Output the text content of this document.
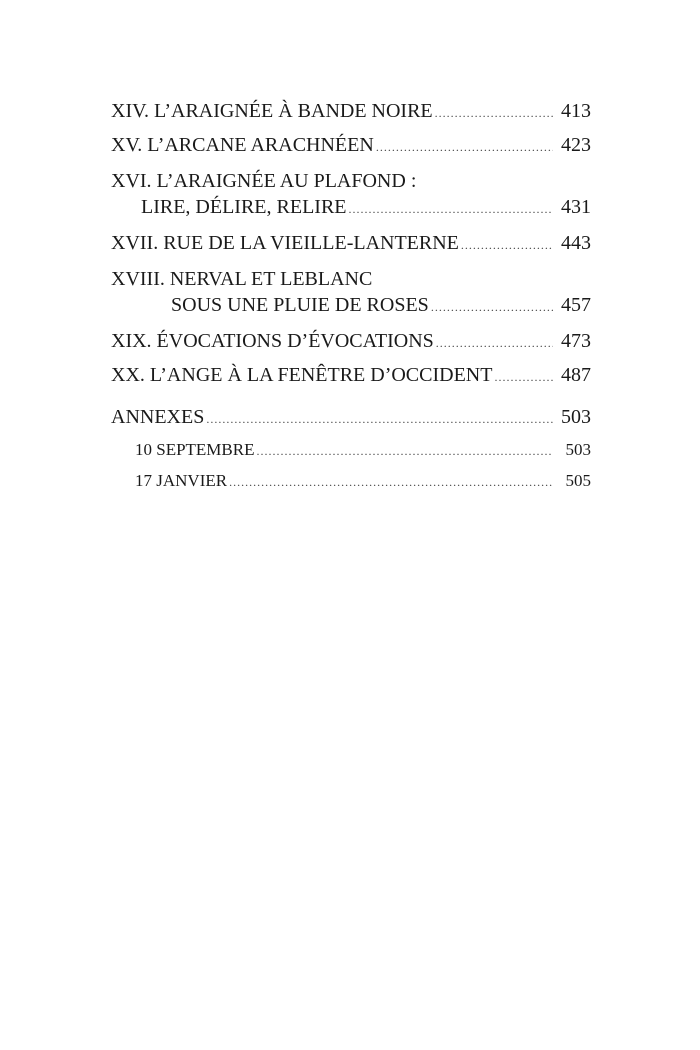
XIV. L’ARAIGNÉE À BANDE NOIRE .....	413
XV. L’ARCANE ARACHNÉEN .....	423
XVI. L’ARAIGNÉE AU PLAFOND :
LIRE, DÉLIRE, RELIRE .....	431
XVII. RUE DE LA VIEILLE-LANTERNE .....	443
XVIII. NERVAL ET LEBLANC
SOUS UNE PLUIE DE ROSES .....	457
XIX. ÉVOCATIONS D’ÉVOCATIONS .....	473
XX. L’ANGE À LA FENÊTRE D’OCCIDENT .....	487
ANNEXES .....	503
10 SEPTEMBRE .....	503
17 JANVIER .....	505
